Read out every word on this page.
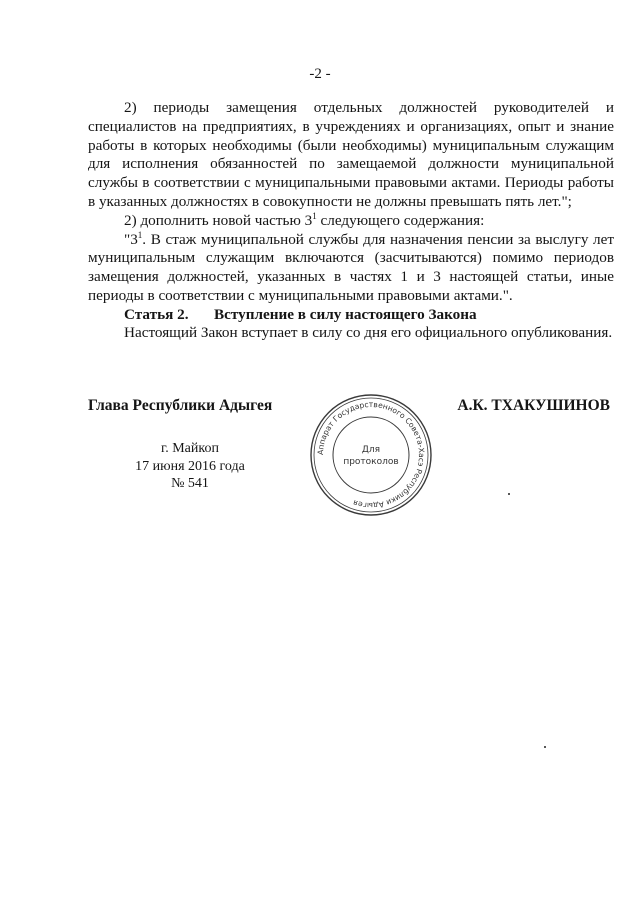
-2 -

2) периоды замещения отдельных должностей руководителей и специалистов на предприятиях, в учреждениях и организациях, опыт и знание работы в которых необходимы (были необходимы) муниципальным служащим для исполнения обязанностей по замещаемой должности муниципальной службы в соответствии с муниципальными правовыми актами. Периоды работы в указанных должностях в совокупности не должны превышать пять лет.";

2) дополнить новой частью $3^1$ следующего содержания:

"$3^1$. В стаж муниципальной службы для назначения пенсии за выслугу лет муниципальным служащим включаются (засчитываются) помимо периодов замещения должностей, указанных в частях 1 и 3 настоящей статьи, иные периоды в соответствии с муниципальными правовыми актами.".

Статья 2. Вступление в силу настоящего Закона

Настоящий Закон вступает в силу со дня его официального опубликования.

Глава Республики Адыгея	А.К. ТХАКУШИНОВ
г. Майкоп
17 июня 2016 года
№ 541
Аппарат Государственного Совета-Хасэ Республики Адыгея
Для
протоколов
